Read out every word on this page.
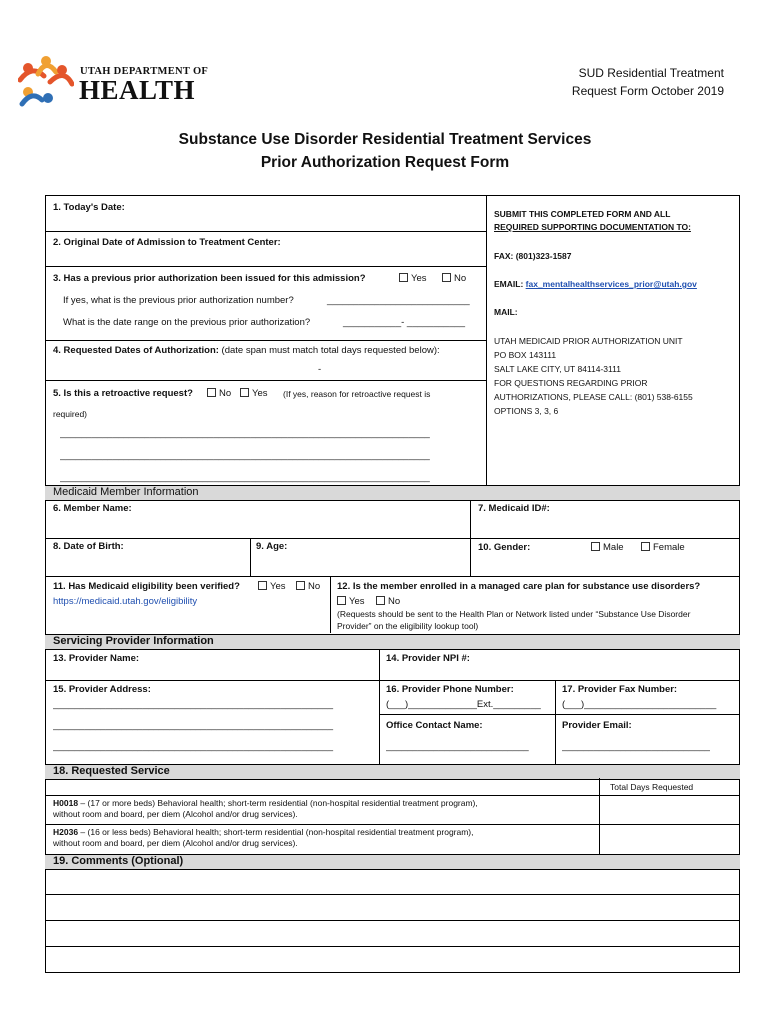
UTAH DEPARTMENT OF
HEALTH
SUD Residential Treatment
Request Form October 2019
Substance Use Disorder Residential Treatment Services
Prior Authorization Request Form
1. Today's Date:
2. Original Date of Admission to Treatment Center:
3. Has a previous prior authorization been issued for this admission?	Yes	No
If yes, what is the previous prior authorization number?	___________________________
What is the date range on the previous prior authorization?	___________- ___________
4. Requested Dates of Authorization: (date span must match total days requested below):
-
5. Is this a retroactive request?	No	Yes (If yes, reason for retroactive request is
required)
______________________________________________________________________
______________________________________________________________________
______________________________________________________________________
SUBMIT THIS COMPLETED FORM AND ALL
REQUIRED SUPPORTING DOCUMENTATION TO:
FAX: (801)323-1587
EMAIL: fax_mentalhealthservices_prior@utah.gov
MAIL:
UTAH MEDICAID PRIOR AUTHORIZATION UNIT
PO BOX 143111
SALT LAKE CITY, UT 84114-3111
FOR QUESTIONS REGARDING PRIOR
AUTHORIZATIONS, PLEASE CALL: (801) 538-6155
OPTIONS 3, 3, 6
Medicaid Member Information
6. Member Name:	7. Medicaid ID#:
8. Date of Birth:	9. Age:	10. Gender:	Male	Female
11. Has Medicaid eligibility been verified?	Yes	No
https://medicaid.utah.gov/eligibility
12. Is the member enrolled in a managed care plan for substance use disorders?
Yes	No
(Requests should be sent to the Health Plan or Network listed under “Substance Use Disorder
Provider” on the eligibility lookup tool)
Servicing Provider Information
13. Provider Name:	14. Provider NPI #:
15. Provider Address:
_____________________________________________________
_____________________________________________________
_____________________________________________________
16. Provider Phone Number:
(___)_____________Ext._________
17. Provider Fax Number:
(___)_________________________
Office Contact Name:
___________________________
Provider Email:
____________________________
18. Requested Service
Total Days Requested
H0018 – (17 or more beds) Behavioral health; short-term residential (non-hospital residential treatment program),
without room and board, per diem (Alcohol and/or drug services).
H2036 – (16 or less beds) Behavioral health; short-term residential (non-hospital residential treatment program),
without room and board, per diem (Alcohol and/or drug services).
19. Comments (Optional)
